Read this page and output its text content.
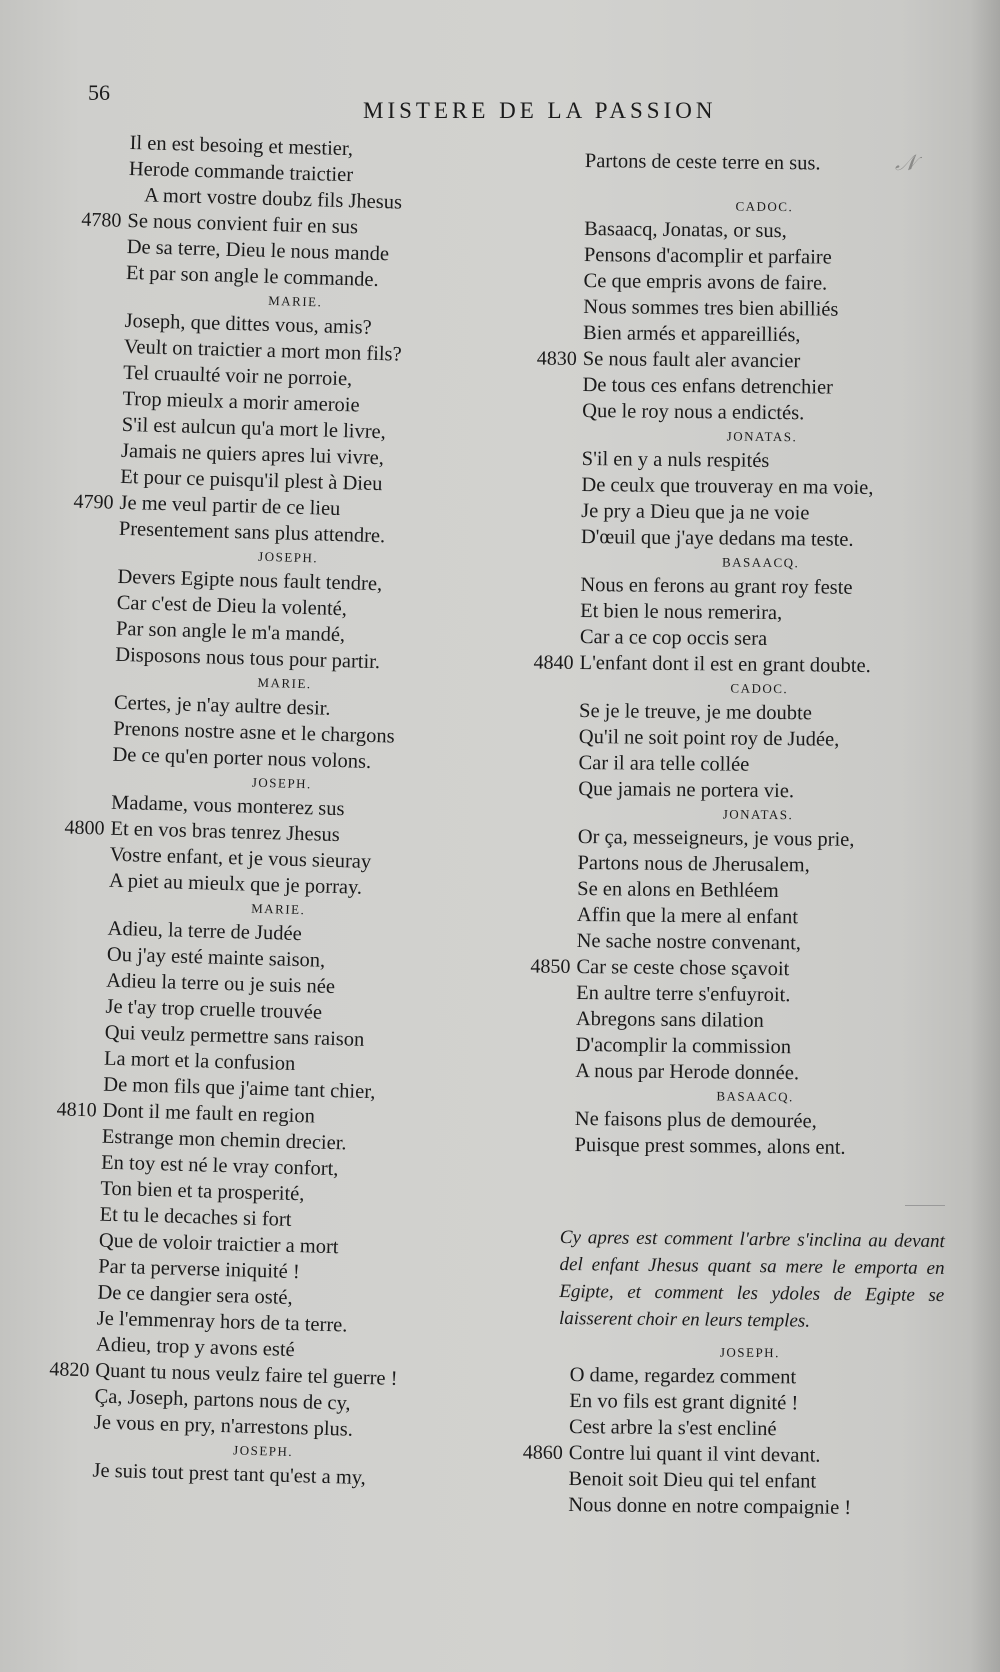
56
MISTERE DE LA PASSION
Il en est besoing et mestier,
Herode commande traictier
A mort vostre doubz fils Jhesus
4780 Se nous convient fuir en sus
De sa terre, Dieu le nous mande
Et par son angle le commande.
MARIE.
Joseph, que dittes vous, amis?
Veult on traictier a mort mon fils?
Tel cruaulté voir ne porroie,
Trop mieulx a morir ameroie
S'il est aulcun qu'a mort le livre,
Jamais ne quiers apres lui vivre,
Et pour ce puisqu'il plest à Dieu
4790 Je me veul partir de ce lieu
Presentement sans plus attendre.
JOSEPH.
Devers Egipte nous fault tendre,
Car c'est de Dieu la volenté,
Par son angle le m'a mandé,
Disposons nous tous pour partir.
MARIE.
Certes, je n'ay aultre desir.
Prenons nostre asne et le chargons
De ce qu'en porter nous volons.
JOSEPH.
Madame, vous monterez sus
4800 Et en vos bras tenrez Jhesus
Vostre enfant, et je vous sieuray
A piet au mieulx que je porray.
MARIE.
Adieu, la terre de Judée
Ou j'ay esté mainte saison,
Adieu la terre ou je suis née
Je t'ay trop cruelle trouvée
Qui veulz permettre sans raison
La mort et la confusion
De mon fils que j'aime tant chier,
4810 Dont il me fault en region
Estrange mon chemin drecier.
En toy est né le vray confort,
Ton bien et ta prosperité,
Et tu le decaches si fort
Que de voloir traictier a mort
Par ta perverse iniquité !
De ce dangier sera osté,
Je l'emmenray hors de ta terre.
Adieu, trop y avons esté
4820 Quant tu nous veulz faire tel guerre !
Ça, Joseph, partons nous de cy,
Je vous en pry, n'arrestons plus.
JOSEPH.
Je suis tout prest tant qu'est a my,
Partons de ceste terre en sus.
CADOC.
Basaacq, Jonatas, or sus,
Pensons d'acomplir et parfaire
Ce que empris avons de faire.
Nous sommes tres bien abilliés
Bien armés et appareilliés,
4830 Se nous fault aler avancier
De tous ces enfans detrenchier
Que le roy nous a endictés.
JONATAS.
S'il en y a nuls respités
De ceulx que trouveray en ma voie,
Je pry a Dieu que ja ne voie
D'œuil que j'aye dedans ma teste.
BASAACQ.
Nous en ferons au grant roy feste
Et bien le nous remerira,
Car a ce cop occis sera
4840 L'enfant dont il est en grant doubte.
CADOC.
Se je le treuve, je me doubte
Qu'il ne soit point roy de Judée,
Car il ara telle collée
Que jamais ne portera vie.
JONATAS.
Or ça, messeigneurs, je vous prie,
Partons nous de Jherusalem,
Se en alons en Bethléem
Affin que la mere al enfant
Ne sache nostre convenant,
4850 Car se ceste chose sçavoit
En aultre terre s'enfuyroit.
Abregons sans dilation
D'acomplir la commission
A nous par Herode donnée.
BASAACQ.
Ne faisons plus de demourée,
Puisque prest sommes, alons ent.
Cy apres est comment l'arbre s'inclina au devant del enfant Jhesus quant sa mere le emporta en Egipte, et comment les ydoles de Egipte se laisserent choir en leurs temples.
JOSEPH.
O dame, regardez comment
En vo fils est grant dignité !
Cest arbre la s'est encliné
4860 Contre lui quant il vint devant.
Benoit soit Dieu qui tel enfant
Nous donne en notre compaignie !
𝒩
